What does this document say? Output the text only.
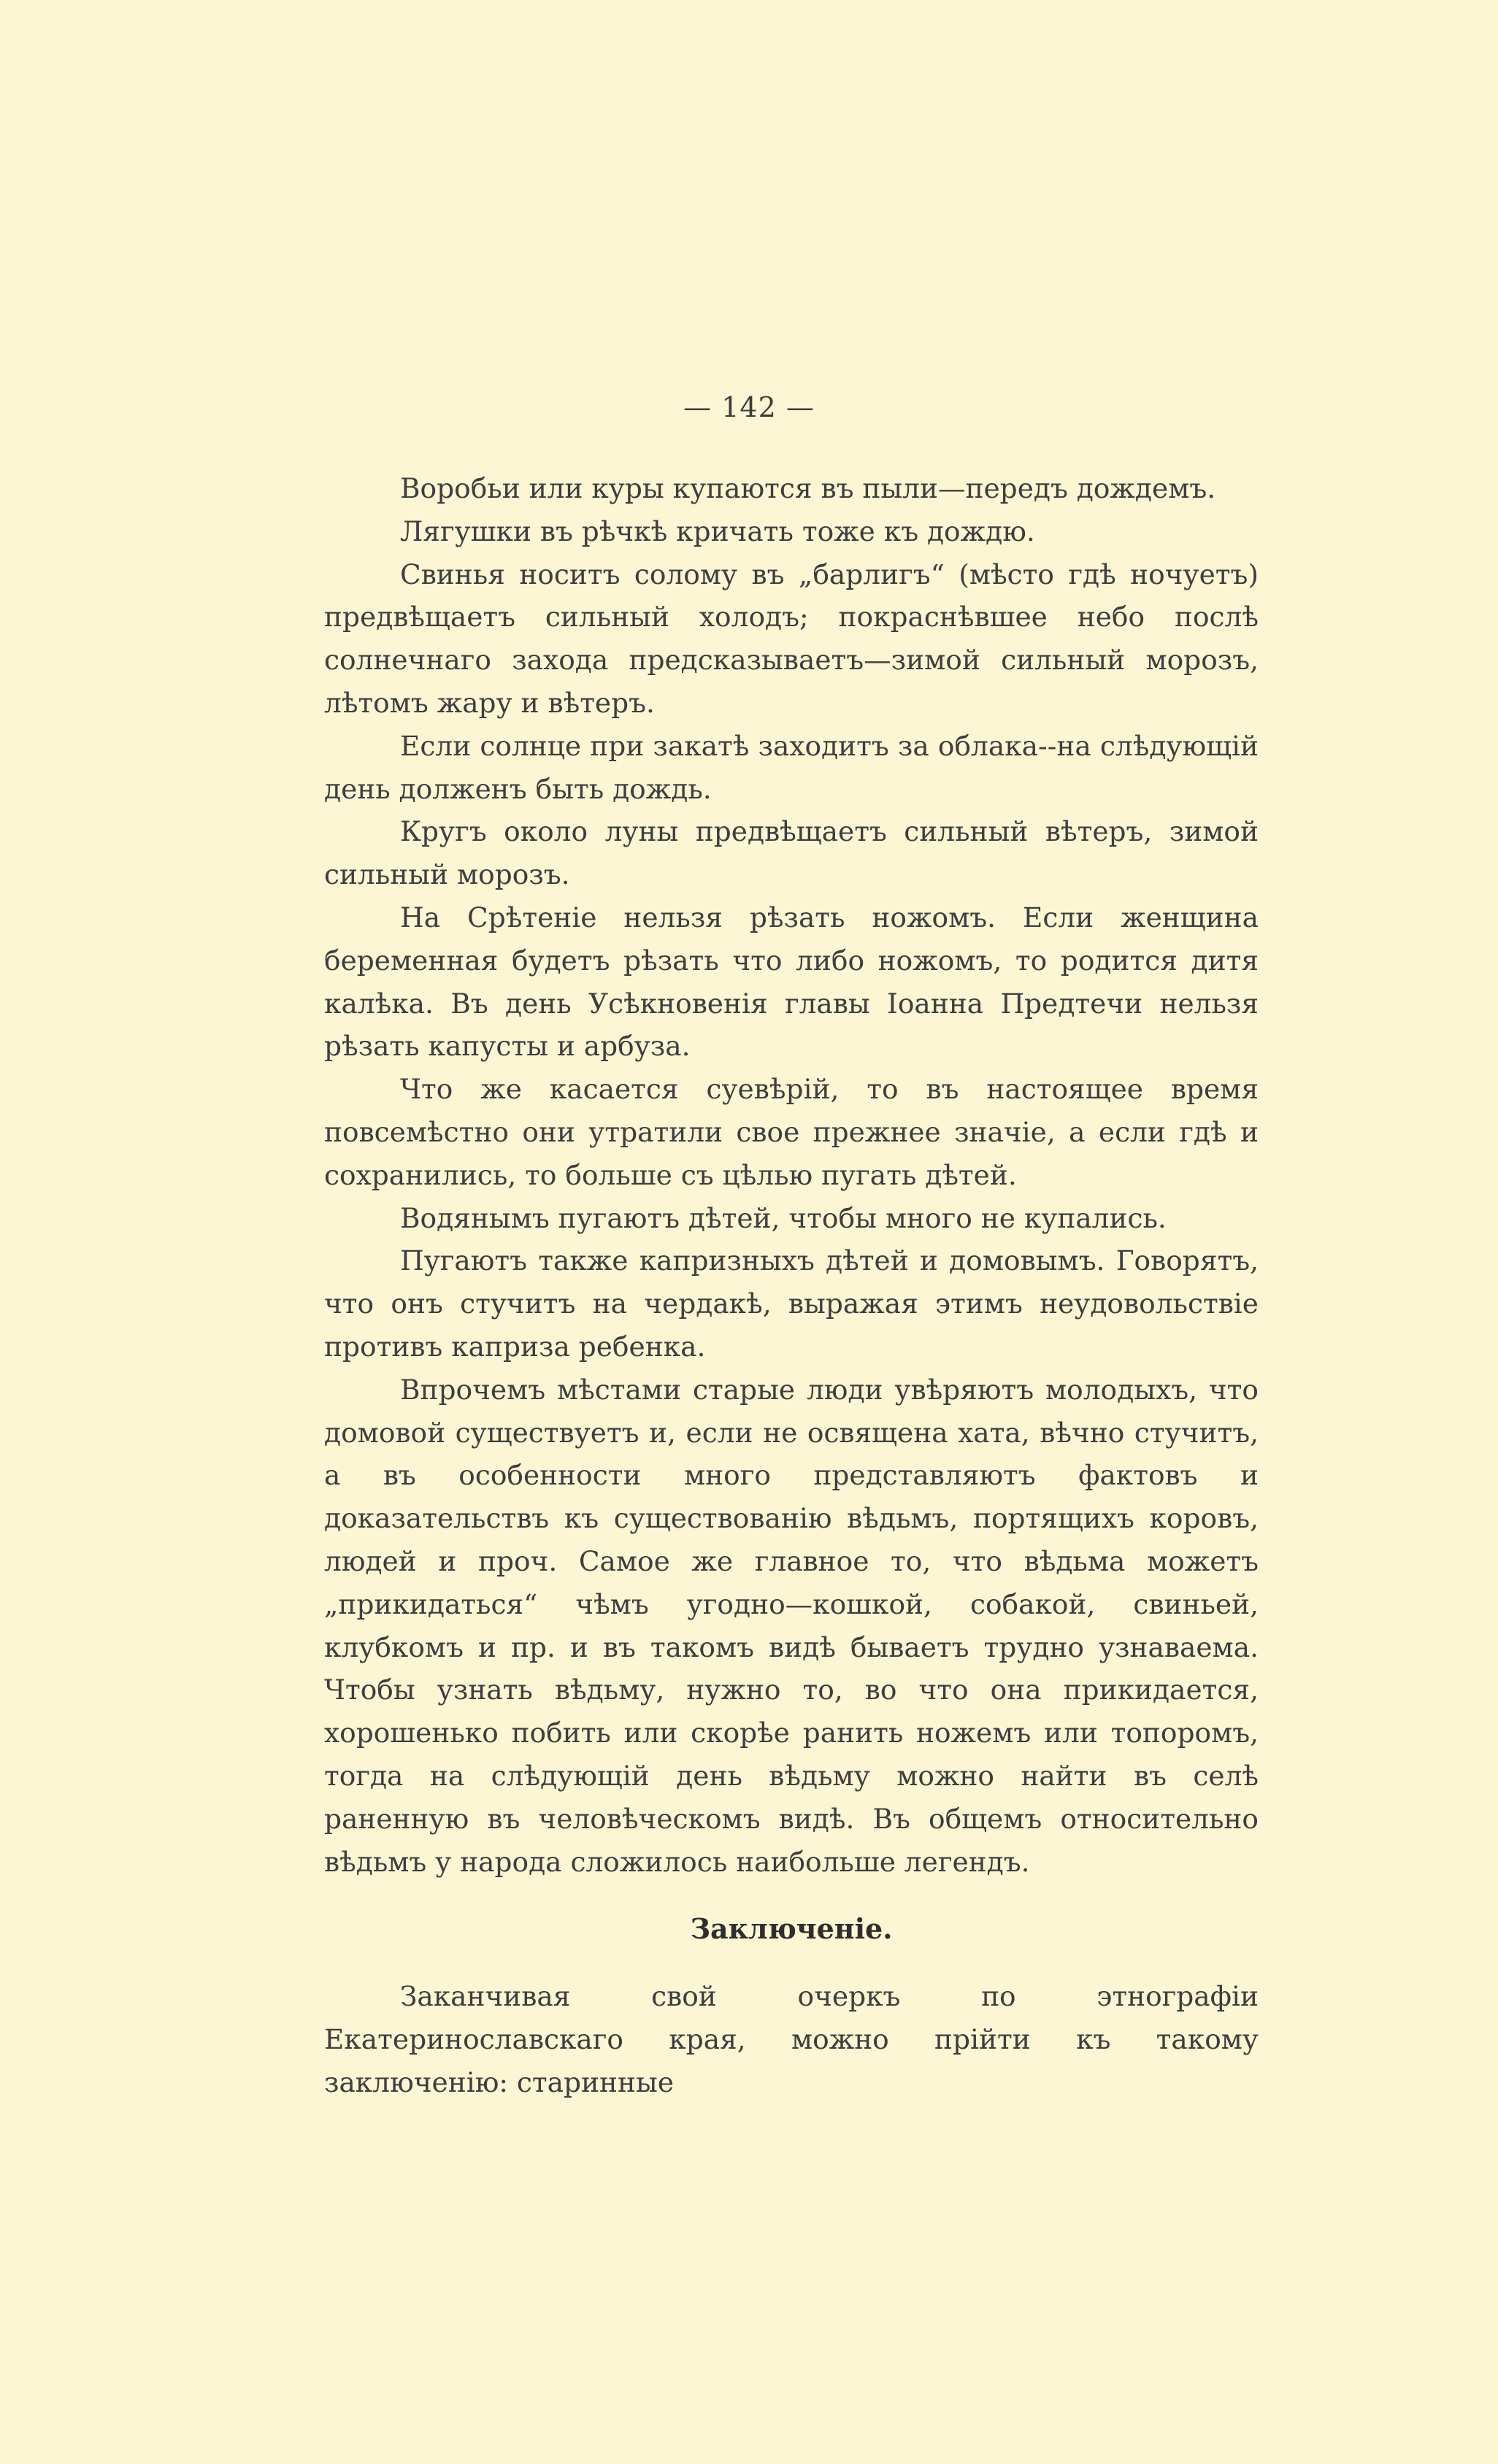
— 142 —

Воробьи или куры купаются въ пыли—передъ дождемъ.

Лягушки въ рѣчкѣ кричать тоже къ дождю.

Свинья носитъ солому въ „барлигъ“ (мѣсто гдѣ ночуетъ) предвѣщаетъ сильный холодъ; покраснѣвшее небо послѣ солнечнаго захода предсказываетъ—зимой сильный морозъ, лѣтомъ жару и вѣтеръ.

Если солнце при закатѣ заходитъ за облака--на слѣдующій день долженъ быть дождь.

Кругъ около луны предвѣщаетъ сильный вѣтеръ, зимой сильный морозъ.

На Срѣтеніе нельзя рѣзать ножомъ. Если женщина беременная будетъ рѣзать что либо ножомъ, то родится дитя калѣка. Въ день Усѣкновенія главы Іоанна Предтечи нельзя рѣзать капусты и арбуза.

Что же касается суевѣрій, то въ настоящее время повсемѣстно они утратили свое прежнее значіе, а если гдѣ и сохранились, то больше съ цѣлью пугать дѣтей.

Водянымъ пугаютъ дѣтей, чтобы много не купались.

Пугаютъ также капризныхъ дѣтей и домовымъ. Говорятъ, что онъ стучитъ на чердакѣ, выражая этимъ неудовольствіе противъ каприза ребенка.

Впрочемъ мѣстами старые люди увѣряютъ молодыхъ, что домовой существуетъ и, если не освящена хата, вѣчно стучитъ, а въ особенности много представляютъ фактовъ и доказательствъ къ существованію вѣдьмъ, портящихъ коровъ, людей и проч. Самое же главное то, что вѣдьма можетъ „прикидаться“ чѣмъ угодно—кошкой, собакой, свиньей, клубкомъ и пр. и въ такомъ видѣ бываетъ трудно узнаваема. Чтобы узнать вѣдьму, нужно то, во что она прикидается, хорошенько побить или скорѣе ранить ножемъ или топоромъ, тогда на слѣдующій день вѣдьму можно найти въ селѣ раненную въ человѣческомъ видѣ. Въ общемъ относительно вѣдьмъ у народа сложилось наибольше легендъ.

Заключеніе.

Заканчивая свой очеркъ по этнографіи Екатеринославскаго края, можно прійти къ такому заключенію: старинные
